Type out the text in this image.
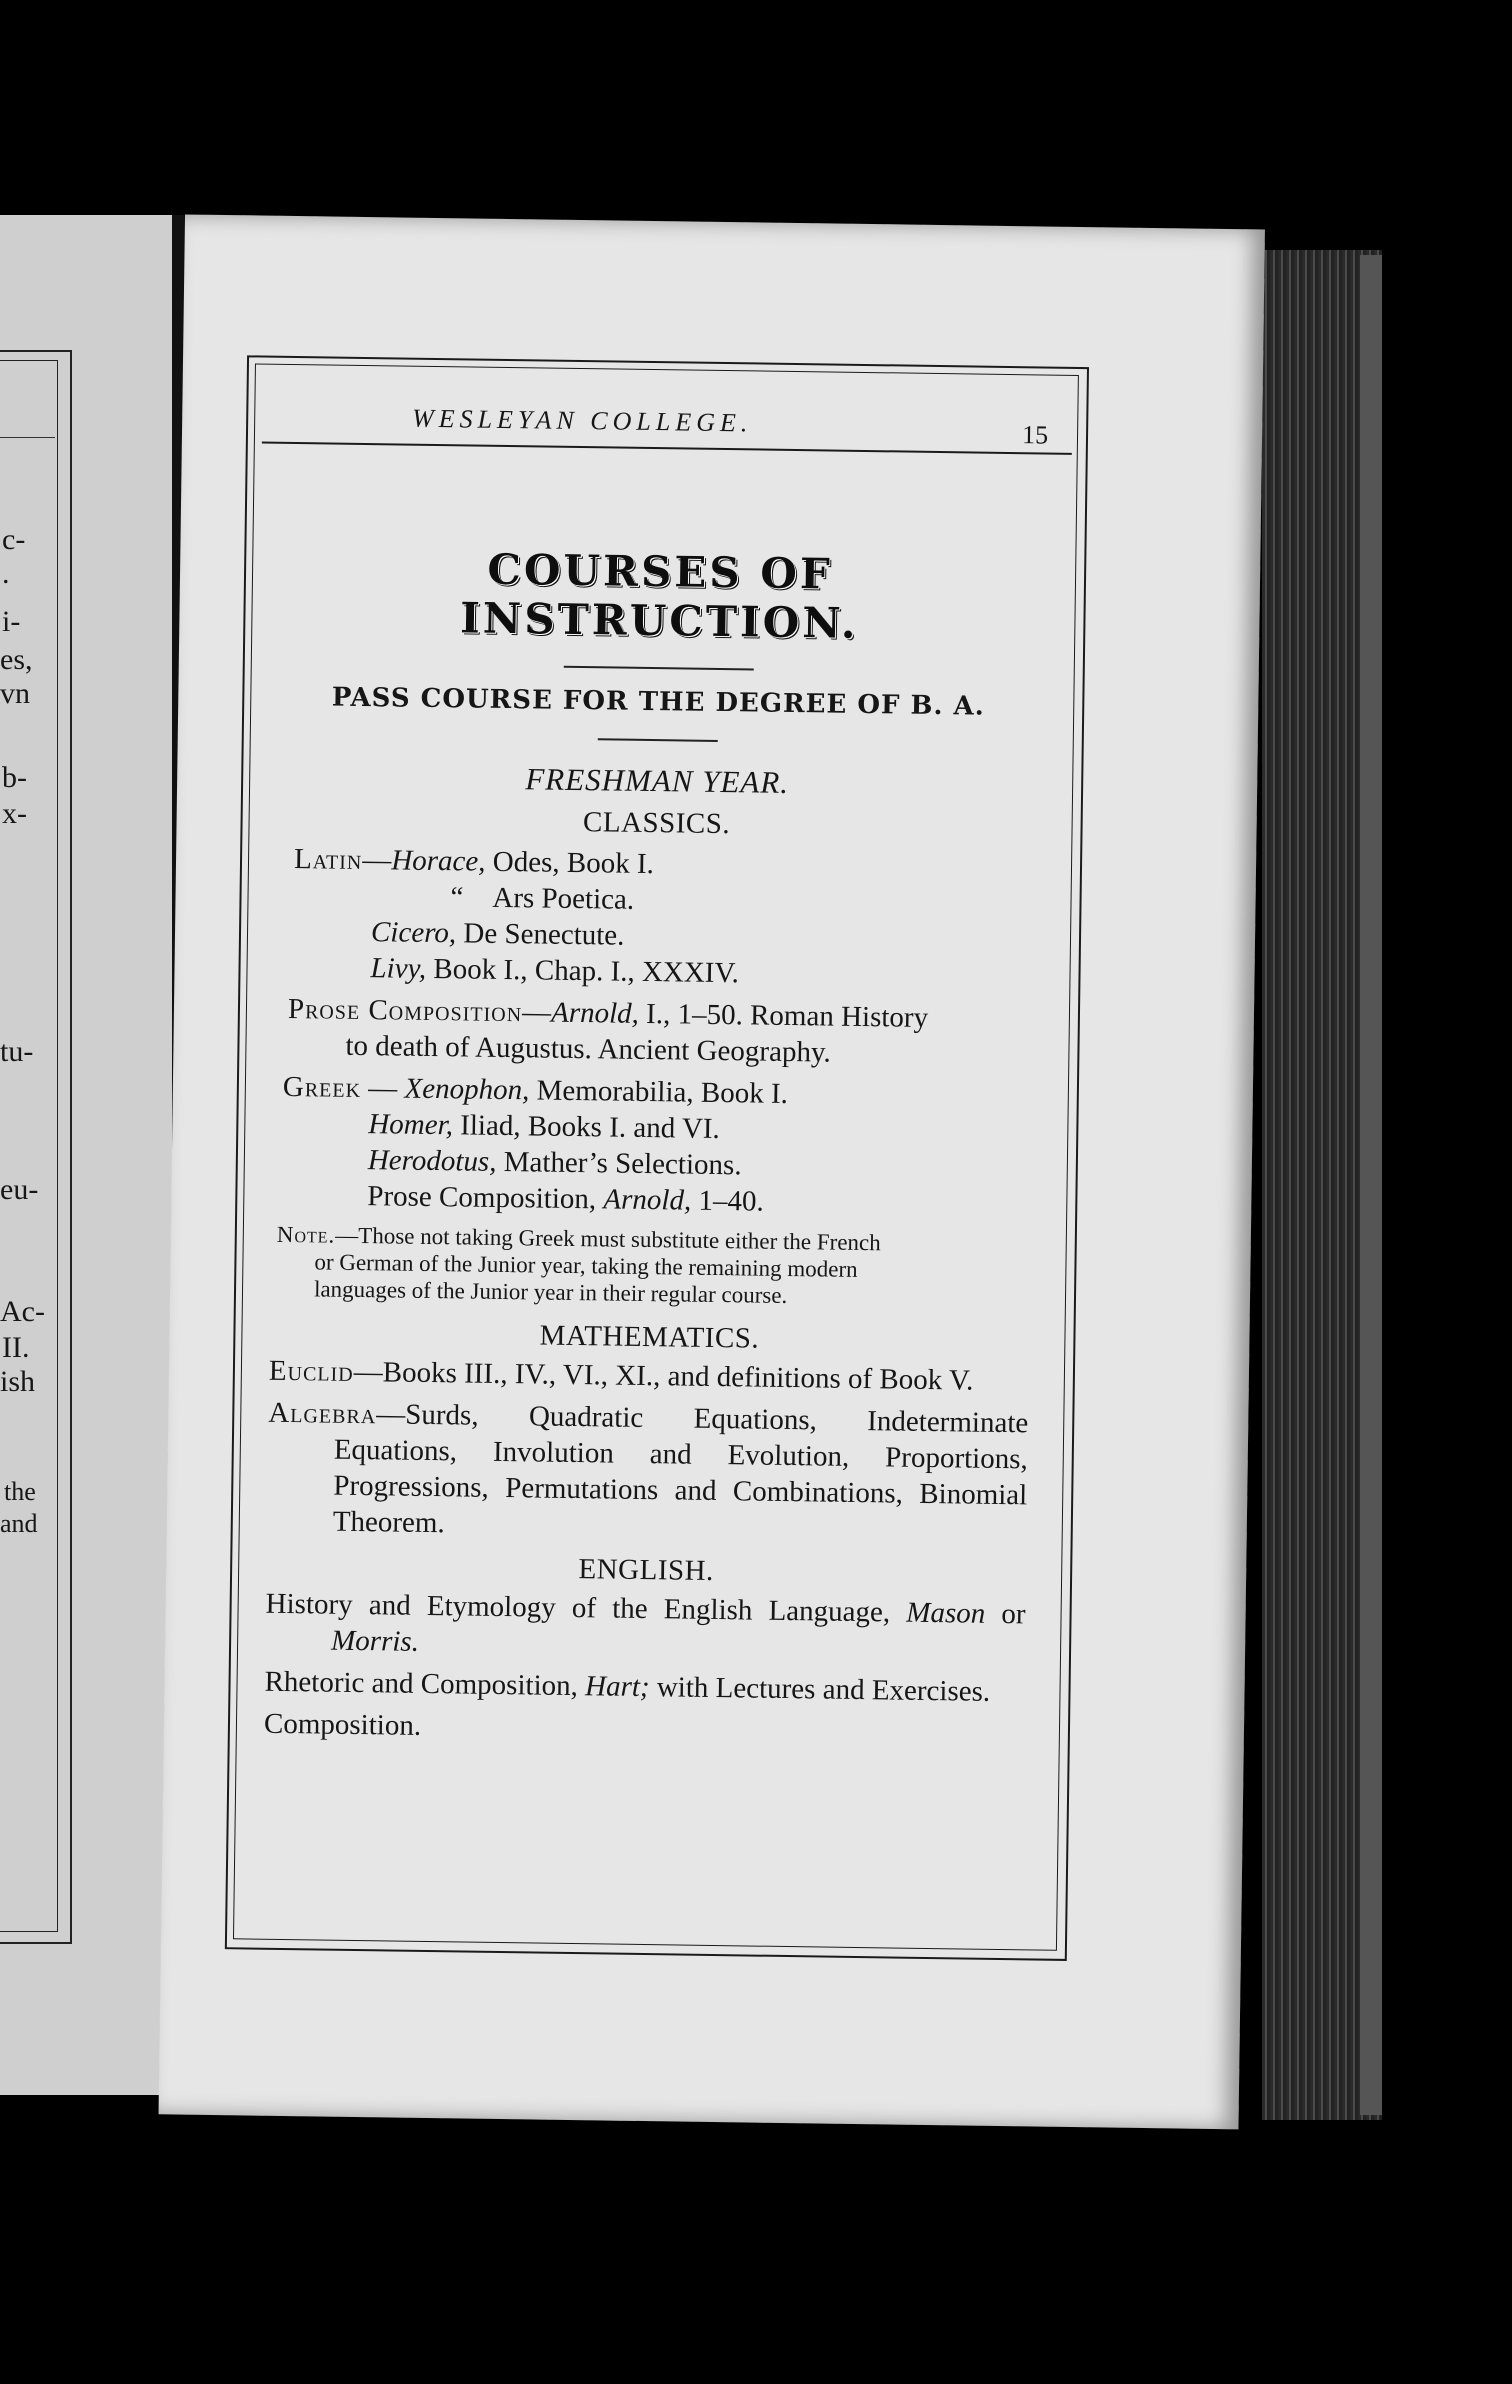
c-
.
i-
es,
vn
b-
x-
tu-
eu-
Ac-
II.
ish
the
and
WESLEYAN COLLEGE.	15
COURSES OF INSTRUCTION.
PASS COURSE FOR THE DEGREE OF B. A.
FRESHMAN YEAR.
CLASSICS.
Latin—Horace, Odes, Book I.
“ Ars Poetica.
Cicero, De Senectute.
Livy, Book I., Chap. I., XXXIV.
Prose Composition—Arnold, I., 1–50. Roman History
to death of Augustus. Ancient Geography.
Greek — Xenophon, Memorabilia, Book I.
Homer, Iliad, Books I. and VI.
Herodotus, Mather’s Selections.
Prose Composition, Arnold, 1–40.
Note.—Those not taking Greek must substitute either the French
or German of the Junior year, taking the remaining modern
languages of the Junior year in their regular course.
MATHEMATICS.
Euclid—Books III., IV., VI., XI., and definitions of Book V.
Algebra—Surds, Quadratic Equations, Indeterminate Equations, Involution and Evolution, Proportions, Progressions, Permutations and Combinations, Binomial Theorem.
ENGLISH.
History and Etymology of the English Language, Mason or Morris.
Rhetoric and Composition, Hart; with Lectures and Exercises.
Composition.
